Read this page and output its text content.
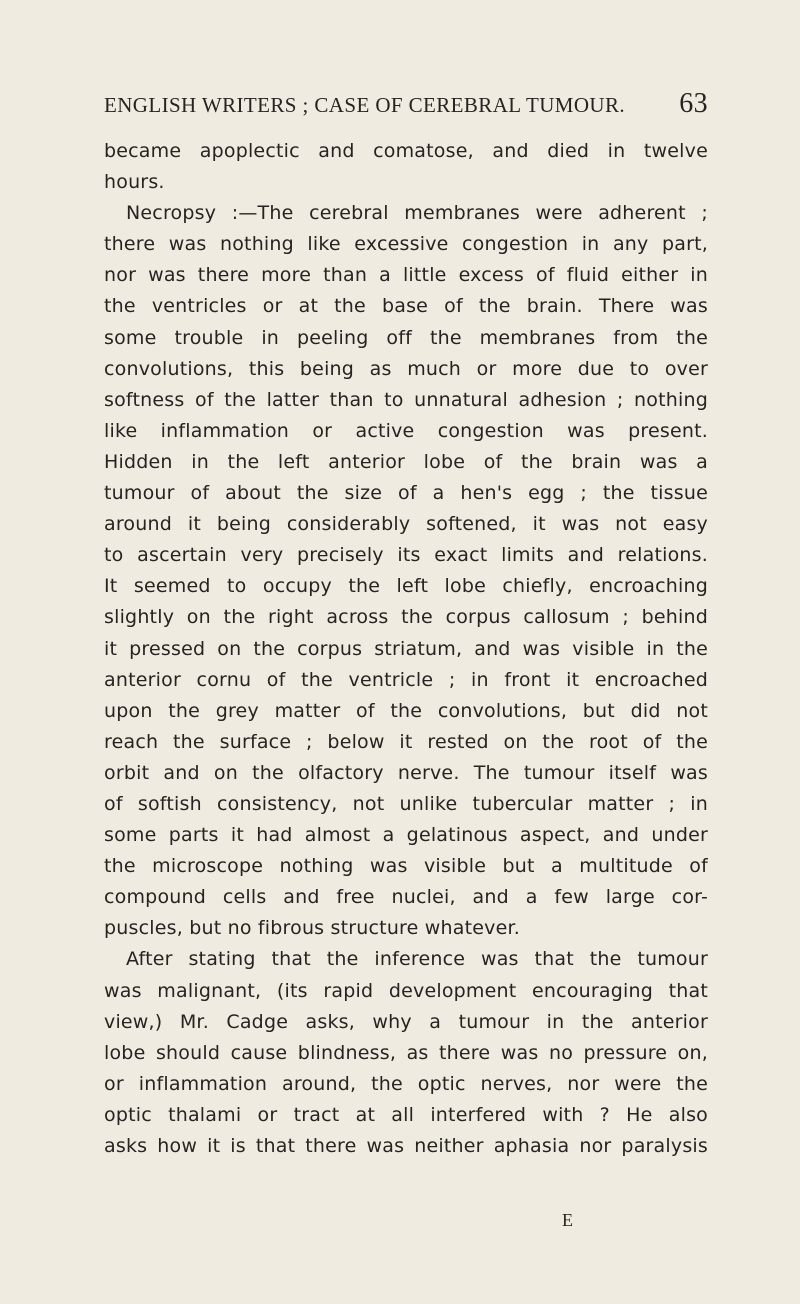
ENGLISH WRITERS ; CASE OF CEREBRAL TUMOUR. 63
became apoplectic and comatose, and died in twelve
hours.
Necropsy :—The cerebral membranes were adherent ;
there was nothing like excessive congestion in any part,
nor was there more than a little excess of fluid either in
the ventricles or at the base of the brain. There was
some trouble in peeling off the membranes from the
convolutions, this being as much or more due to over
softness of the latter than to unnatural adhesion ; nothing
like inflammation or active congestion was present.
Hidden in the left anterior lobe of the brain was a
tumour of about the size of a hen's egg ; the tissue
around it being considerably softened, it was not easy
to ascertain very precisely its exact limits and relations.
It seemed to occupy the left lobe chiefly, encroaching
slightly on the right across the corpus callosum ; behind
it pressed on the corpus striatum, and was visible in the
anterior cornu of the ventricle ; in front it encroached
upon the grey matter of the convolutions, but did not
reach the surface ; below it rested on the root of the
orbit and on the olfactory nerve. The tumour itself was
of softish consistency, not unlike tubercular matter ; in
some parts it had almost a gelatinous aspect, and under
the microscope nothing was visible but a multitude of
compound cells and free nuclei, and a few large cor-
puscles, but no fibrous structure whatever.
After stating that the inference was that the tumour
was malignant, (its rapid development encouraging that
view,) Mr. Cadge asks, why a tumour in the anterior
lobe should cause blindness, as there was no pressure on,
or inflammation around, the optic nerves, nor were the
optic thalami or tract at all interfered with ? He also
asks how it is that there was neither aphasia nor paralysis
E
